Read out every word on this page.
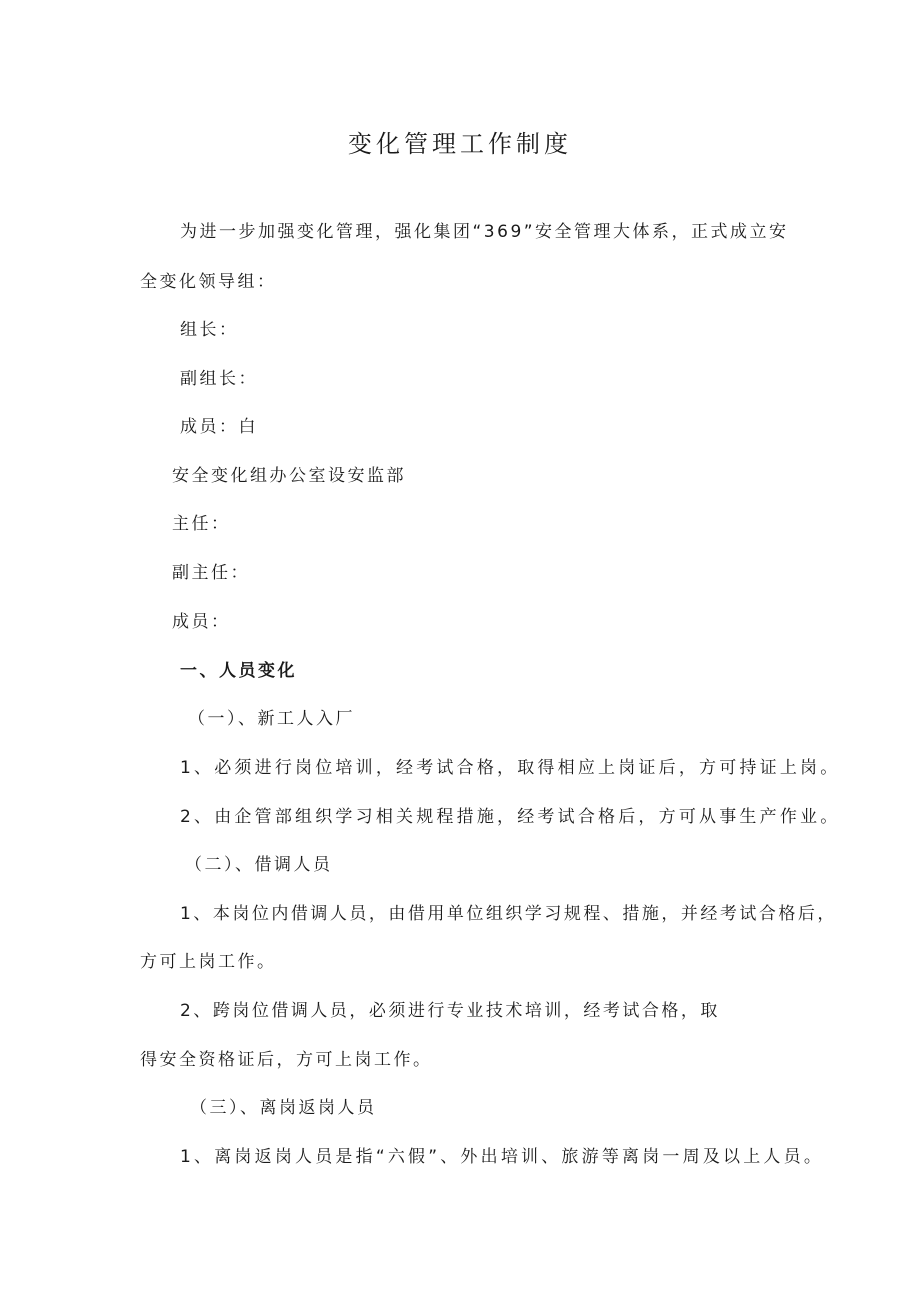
变化管理工作制度

为进一步加强变化管理，强化集团“369”安全管理大体系，正式成立安

全变化领导组：

组长：

副组长：

成员：白

安全变化组办公室设安监部

主任：

副主任：

成员：

一、人员变化

（一）、新工人入厂

1、必须进行岗位培训，经考试合格，取得相应上岗证后，方可持证上岗。

2、由企管部组织学习相关规程措施，经考试合格后，方可从事生产作业。

（二）、借调人员

1、本岗位内借调人员，由借用单位组织学习规程、措施，并经考试合格后，

方可上岗工作。

2、跨岗位借调人员，必须进行专业技术培训，经考试合格，取

得安全资格证后，方可上岗工作。

（三）、离岗返岗人员

1、离岗返岗人员是指“六假”、外出培训、旅游等离岗一周及以上人员。
